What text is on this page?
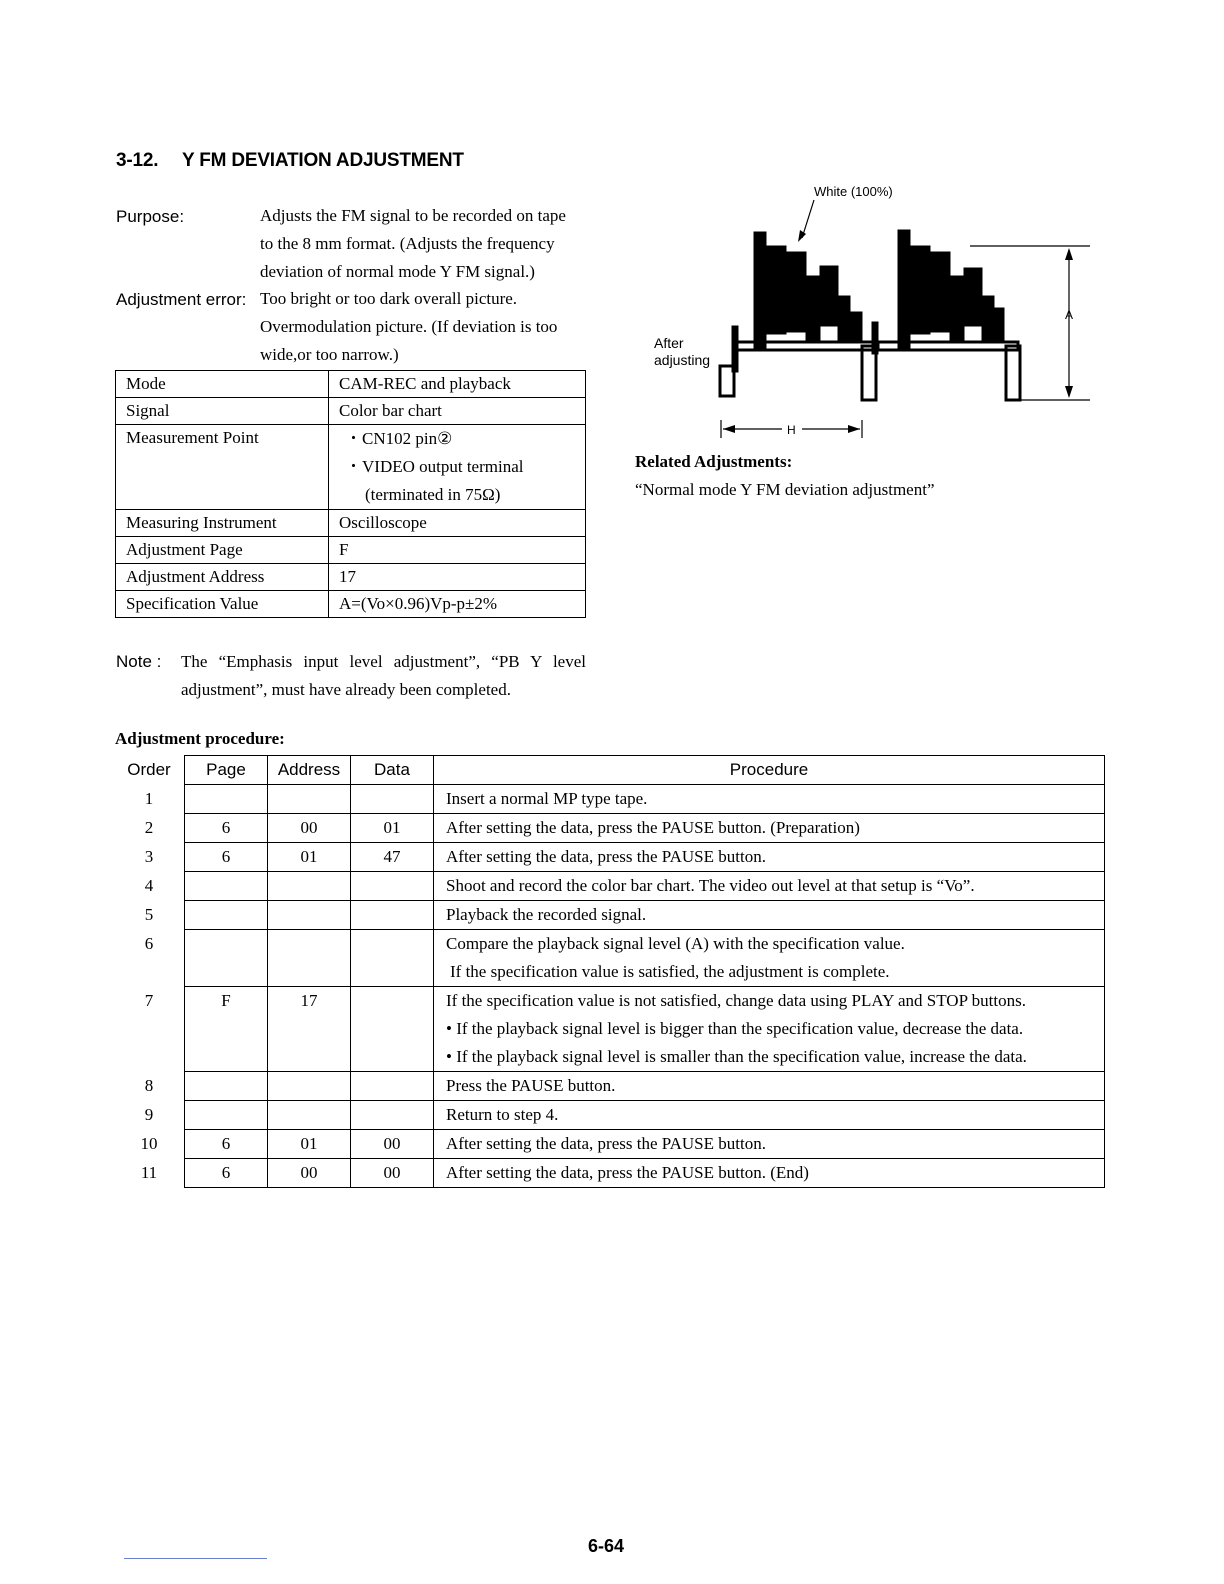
3-12. Y FM DEVIATION ADJUSTMENT
Purpose:	Adjusts the FM signal to be recorded on tape
to the 8 mm format. (Adjusts the frequency
deviation of normal mode Y FM signal.)
Adjustment error: Too bright or too dark overall picture.
Overmodulation picture. (If deviation is too
wide,or too narrow.)
Mode	CAM-REC and playback
Signal	Color bar chart
Measurement Point	・CN102 pin②
・VIDEO output terminal
(terminated in 75Ω)

Measuring Instrument	Oscilloscope
Adjustment Page	F
Adjustment Address	17
Specification Value	A=(Vo×0.96)Vp-p±2%
White (100%)
After
adjusting
A
H
Related Adjustments:
“Normal mode Y FM deviation adjustment”
Note : The “Emphasis input level adjustment”, “PB Y level adjustment”, must have already been completed.
Adjustment procedure:
Order	Page	Address	Data	Procedure
1				Insert a normal MP type tape.

2	6	00	01	After setting the data, press the PAUSE button. (Preparation)

3	6	01	47	After setting the data, press the PAUSE button.

4				Shoot and record the color bar chart. The video out level at that setup is “Vo”.

5				Playback the recorded signal.

6				Compare the playback signal level (A) with the specification value.
If the specification value is satisfied, the adjustment is complete.

7	F	17		If the specification value is not satisfied, change data using PLAY and STOP buttons.
• If the playback signal level is bigger than the specification value, decrease the data.
• If the playback signal level is smaller than the specification value, increase the data.

8				Press the PAUSE button.

9				Return to step 4.

10	6	01	00	After setting the data, press the PAUSE button.

11	6	00	00	After setting the data, press the PAUSE button. (End)
6-64
